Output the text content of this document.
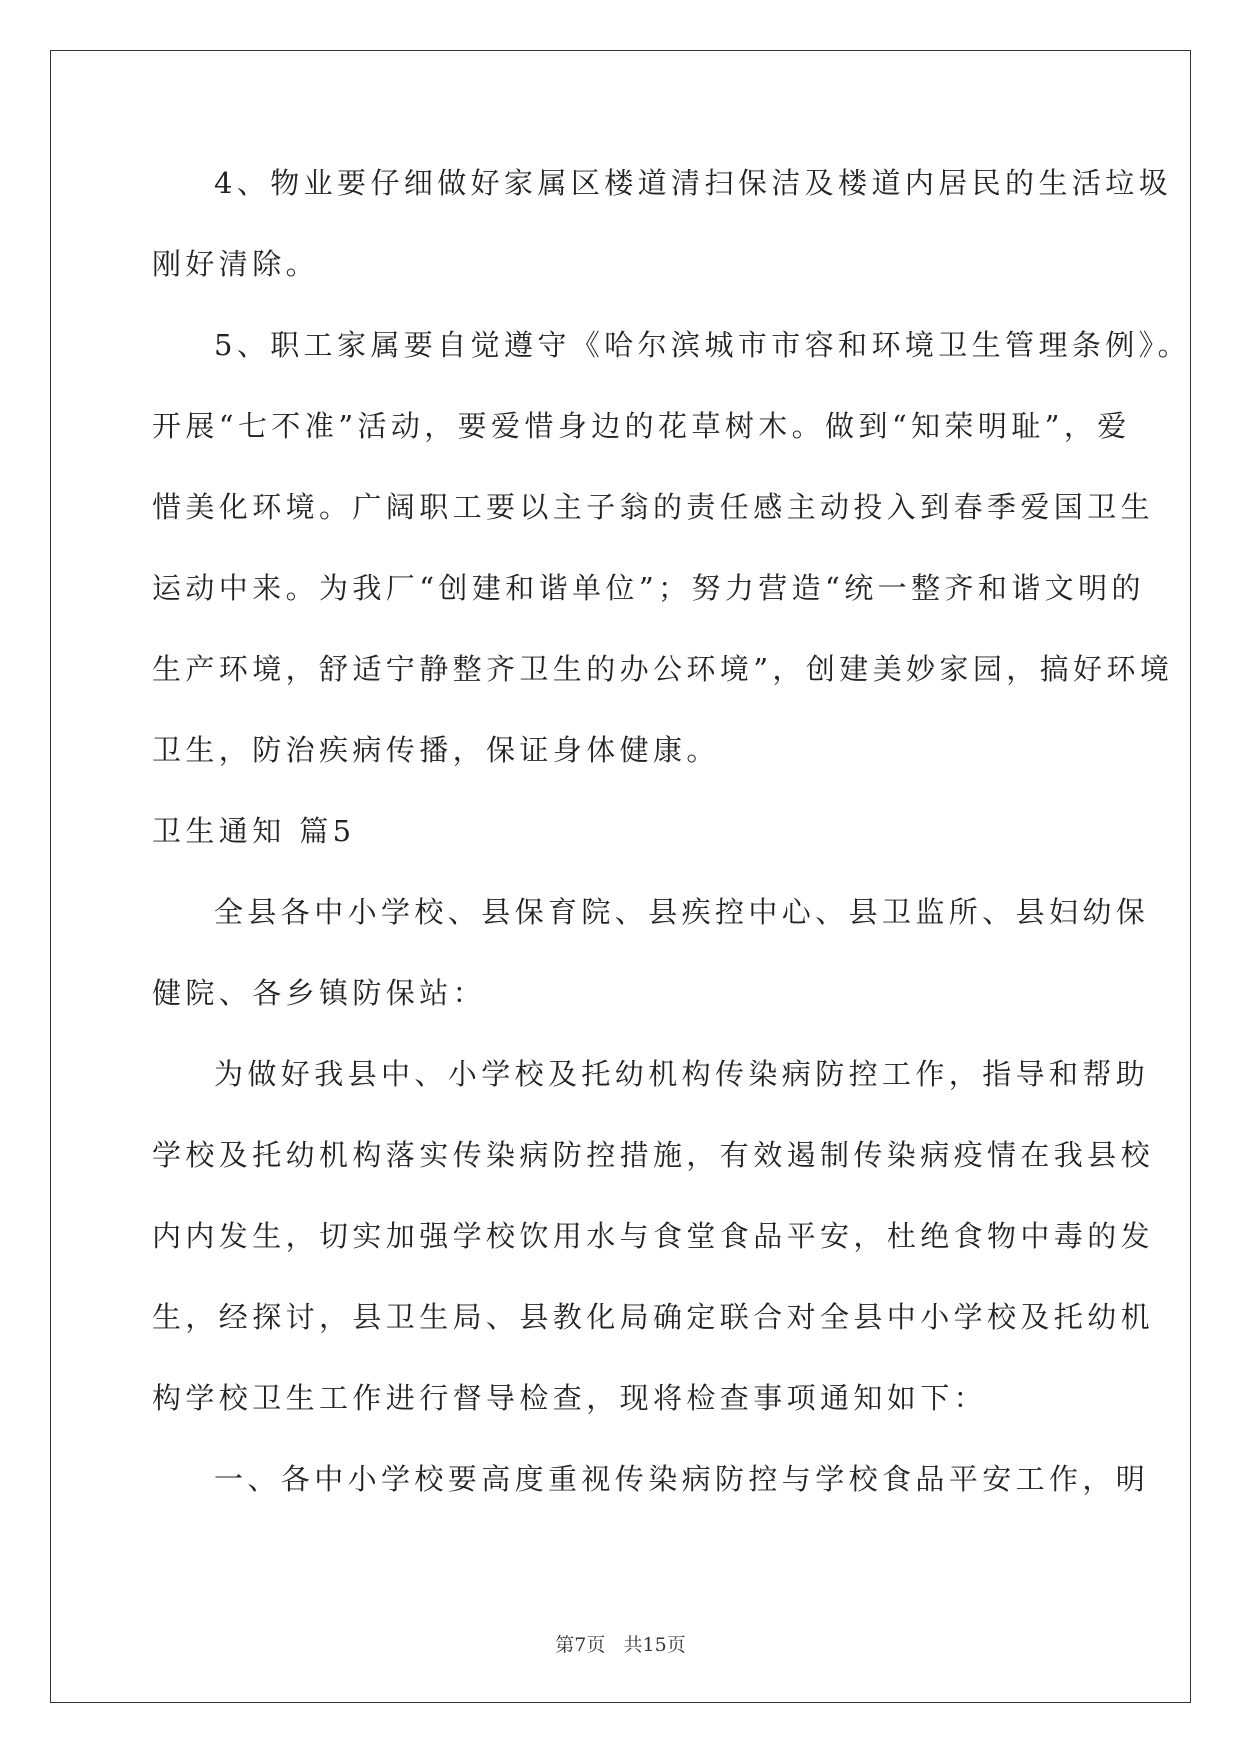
4、物业要仔细做好家属区楼道清扫保洁及楼道内居民的生活垃圾
刚好清除。
5、职工家属要自觉遵守《哈尔滨城市市容和环境卫生管理条例》。
开展“七不准”活动，要爱惜身边的花草树木。做到“知荣明耻”，爱
惜美化环境。广阔职工要以主子翁的责任感主动投入到春季爱国卫生
运动中来。为我厂“创建和谐单位”；努力营造“统一整齐和谐文明的
生产环境，舒适宁静整齐卫生的办公环境”，创建美妙家园，搞好环境
卫生，防治疾病传播，保证身体健康。
卫生通知 篇5
全县各中小学校、县保育院、县疾控中心、县卫监所、县妇幼保
健院、各乡镇防保站：
为做好我县中、小学校及托幼机构传染病防控工作，指导和帮助
学校及托幼机构落实传染病防控措施，有效遏制传染病疫情在我县校
内内发生，切实加强学校饮用水与食堂食品平安，杜绝食物中毒的发
生，经探讨，县卫生局、县教化局确定联合对全县中小学校及托幼机
构学校卫生工作进行督导检查，现将检查事项通知如下：
一、各中小学校要高度重视传染病防控与学校食品平安工作，明
第7页 共15页
